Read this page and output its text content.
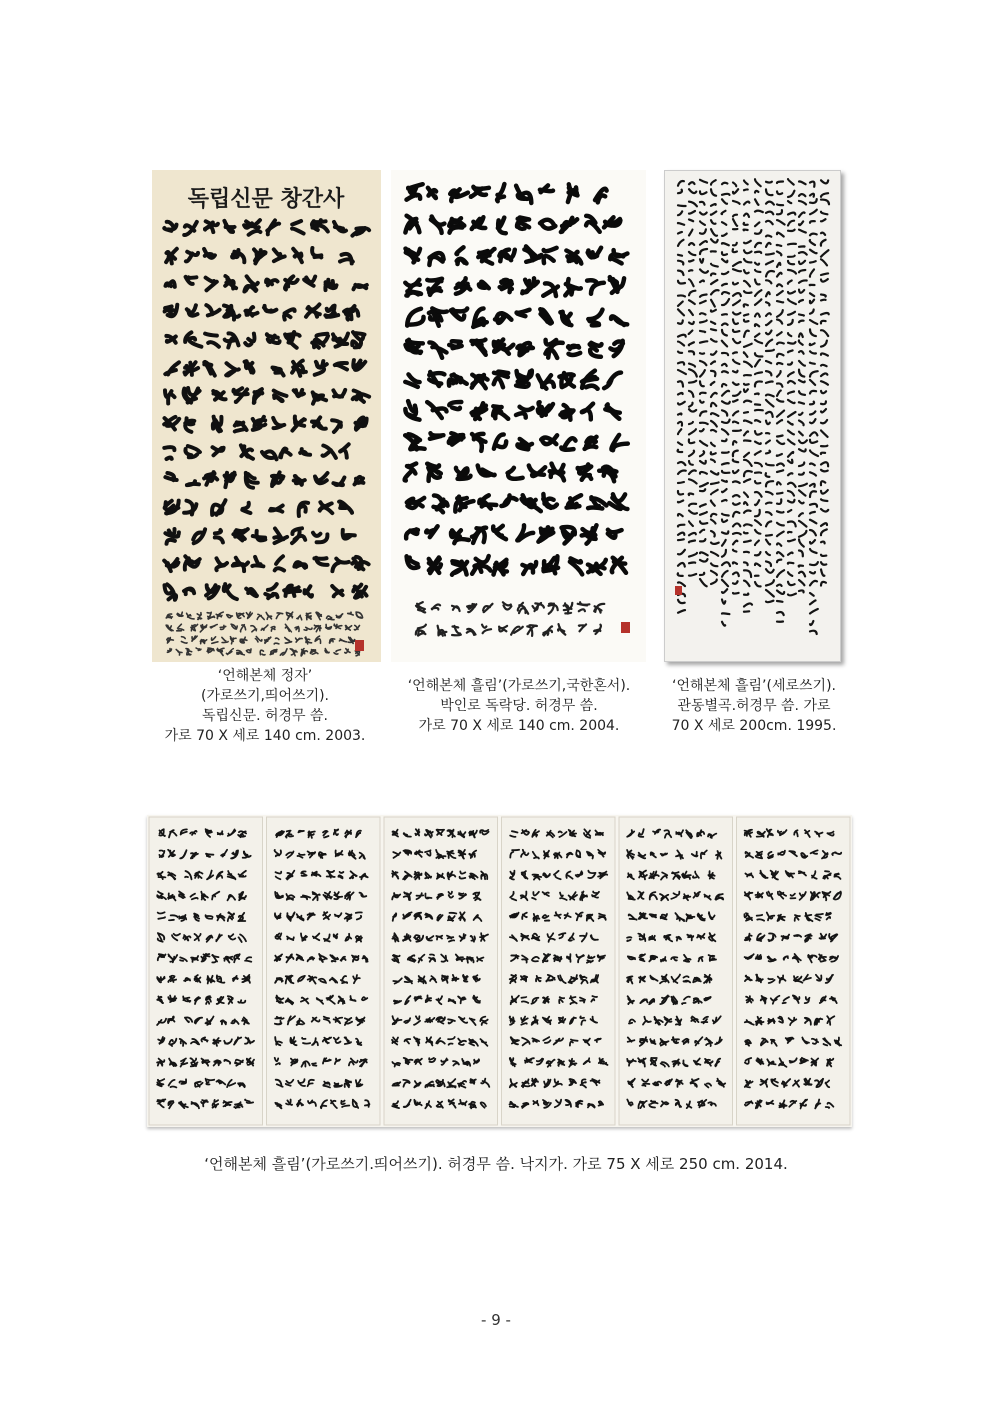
독립신문 창간사
‘언해본체 정자’
(가로쓰기,띄어쓰기).
독립신문. 허경무 씀.
가로 70 X 세로 140 cm. 2003.
‘언해본체 흘림’(가로쓰기,국한혼서).
박인로 독락당. 허경무 씀.
가로 70 X 세로 140 cm. 2004.
‘언해본체 흘림’(세로쓰기).
관동별곡.허경무 씀. 가로
70 X 세로 200cm. 1995.
‘언해본체 흘림’(가로쓰기.띄어쓰기). 허경무 씀. 낙지가. 가로 75 X 세로 250 cm. 2014.
- 9 -
